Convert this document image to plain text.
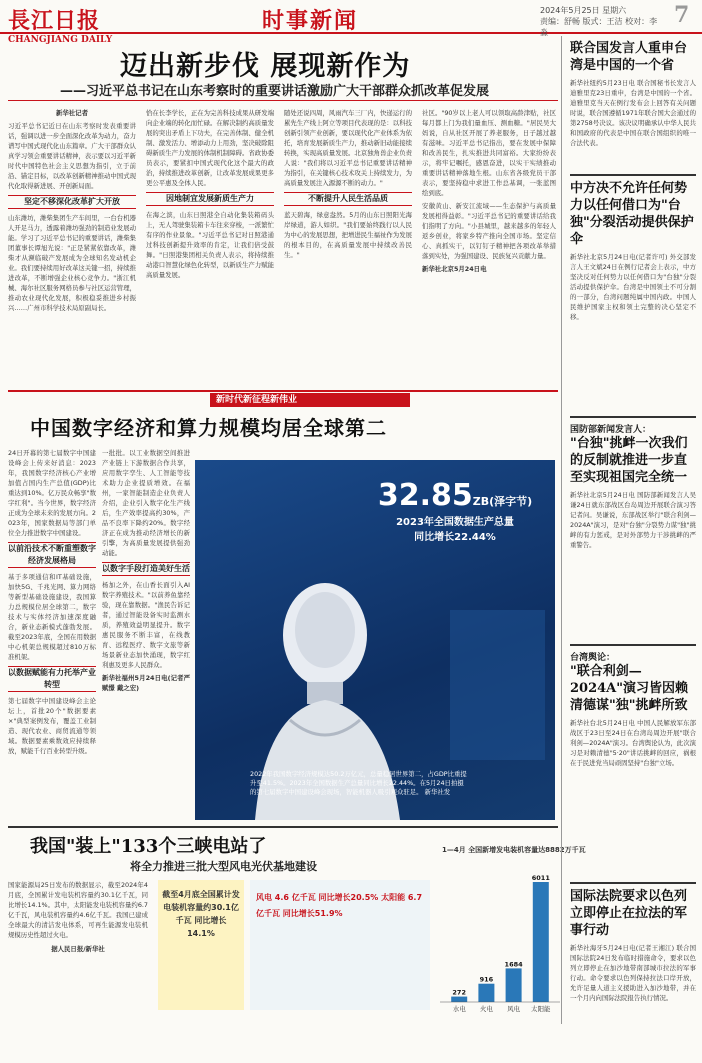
長江日报
CHANGJIANG DAILY
时事新闻	2024年5月25日 星期六
责编：舒畅 版式：王洁 校对：李淼
7
迈出新步伐 展现新作为
——习近平总书记在山东考察时的重要讲话激励广大干部群众抓改革促发展
新华社记者
习近平总书记近日在山东考察时发表重要讲话，强调以进一步全面深化改革为动力，奋力谱写中国式现代化山东篇章。广大干部群众认真学习领会重要讲话精神，表示要以习近平新时代中国特色社会主义思想为指引，立于前沿、锚定目标，以改革创新精神推动中国式现代化取得新进展、开创新局面。
坚定不移深化改革扩大开放
山东潍坊，潍柴集团生产车间里，一台台机器人开足马力，透露着潍坊强劲的制造业发展动能。学习了习近平总书记的重要讲话，潍柴集团董事长谭旭光说："正是紧紧依靠改革，潍柴才从濒临破产发展成为全球知名发动机企业。我们要持续用好改革这关键一招，持续推进改革，不断增强企业核心竞争力。"浙江机械、海尔社区服务网格员参与社区运营管理，推动农业现代化发展，积极稳妥推进乡村振兴……广州市科学技术局原副局长。
恰在长李学长，正在为完善科技成果从研发端向企业端的转化而忙碌。在解决制约高质量发展的突出矛盾上下功夫，在完善体制、健全机制、激发活力、增添动力上用劲，坚决破除阻碍新质生产力发展的体制机制障碍。省政协委员表示，要紧扣中国式现代化这个最大的政治，持续推进改革创新，让改革发展成果更多更公平惠及全体人民。
因地制宜发展新质生产力
在海之滨，山东日照港全自动化集装箱码头上，无人驾驶集装箱卡车往来穿梭，一派繁忙有序的作业景象。"习近平总书记对日照港通过科技创新提升效率的肯定，让我们倍受鼓舞。"日照港集团相关负责人表示，将持续推动港口智慧化绿色化转型，以新质生产力赋能高质量发展。
随处还说四周，风雨汽车三厂内，快递运行的累先生产线上阿立等项目代表现的是：以科技创新引领产业创新，要以现代化产业体系为依托，培育发展新质生产力，推动新旧动能接续转换，实现高质量发展。北京独角兽企业负责人说："我们将以习近平总书记重要讲话精神为指引，在关键核心技术攻关上持续发力，为高质量发展注入源源不断的动力。"
不断提升人民生活品质
蓝天碧海，绿意盎然。5月的山东日照阳光海岸绿道，游人如织。"我们要始终践行以人民为中心的发展思想，把增进民生福祉作为发展的根本目的，在高质量发展中持续改善民生。"
社区。"90岁以上老人可以领取高龄津贴，社区每月都上门为我们量血压、测血糖。"居民吴大妈说，自从社区开展了养老服务，日子越过越有滋味。习近平总书记指出，要在发展中保障和改善民生，扎实推进共同富裕。大家纷纷表示，将牢记嘱托，感恩奋进，以实干实绩推动重要讲话精神落地生根。山东省各级党员干部表示，要坚持稳中求进工作总基调，一张蓝图绘到底。
安徽黄山、新安江流域——生态保护与高质量发展相得益彰。"习近平总书记的重要讲话给我们指明了方向。"小县城里，越来越多的年轻人返乡创业，将家乡特产推向全国市场。坚定信心、真抓实干，以钉钉子精神把各项改革举措落到实处，为强国建设、民族复兴贡献力量。
新华社北京5月24日电
新时代新征程新伟业
中国数字经济和算力规模均居全球第二
24日开幕的第七届数字中国建设峰会上传来好消息：2023年，我国数字经济核心产业增加值占国内生产总值(GDP)比重达到10%。亿万民众畅享"数字红利"。当今世界，数字经济正成为全球未来的发展方向。2023年，国家数据局等部门单位全力推进数字中国建设。
以前沿技术不断重塑数字经济发展格局
基于多项通信和IT基础设施，加快5G、千兆光网、算力网络等新型基础设施建设，我国算力总规模位居全球第二，数字技术与实体经济加速深度融合，新业态新模式蓬勃发展。截至2023年底，全国在用数据中心机架总规模超过810万标准机架。
以数据赋能有力托举产业转型
第七届数字中国建设峰会主论坛上，首批20个"数据要素×"典型案例发布，覆盖工业制造、现代农业、商贸流通等领域。数据要素乘数效应持续释放，赋能千行百业转型升级。
一批批。以工业数据空间推进产业链上下游数据合作共享，应用数字孪生、人工智能等技术助力企业提质增效。在福州，一家智能制造企业负责人介绍，企业引入数字化生产线后，生产效率提高约30%，产品不良率下降约20%。数字经济正在成为推动经济增长的新引擎，为高质量发展提供强劲动能。
以数字手段打造美好生活
杨加之外，在山香长面引入AI数字养殖技术。"以前养鱼靠经验，现在靠数据。"渔民告诉记者，通过智能设备实时监测水质，养殖效益明显提升。数字惠民服务不断丰富，在线教育、远程医疗、数字文旅等新场景新业态加快涌现，数字红利惠及更多人民群众。
新华社福州5月24日电(记者严赋憬 戴之宏)
32.85ZB(泽字节)
2023年全国数据生产总量
同比增长22.44%
2022年我国数字经济规模达50.2万亿元，总量稳居世界第二，占GDP比重提升至41.5%。2023年全国数据生产总量同比增长22.44%。在5月24日拍摄的第七届数字中国建设峰会现场，智能机器人吸引观众驻足。 新华社发
我国"装上"133个三峡电站了
将全力推进三批大型风电光伏基地建设
国家能源局25日发布的数据显示，截至2024年4月底，全国累计发电装机容量约30.1亿千瓦，同比增长14.1%。其中，太阳能发电装机容量约6.7亿千瓦，风电装机容量约4.6亿千瓦。我国已建成全球最大的清洁发电体系，可再生能源发电装机规模历史性超过火电。
据人民日报/新华社
截至4月底全国累计发电装机容量约30.1亿千瓦 同比增长14.1%
风电 4.6 亿千瓦 同比增长20.5% 太阳能 6.7 亿千瓦 同比增长51.9%
1—4月 全国新增发电装机容量达8882万千瓦
272
水电
916
火电
1684
风电
6011
太阳能
联合国发言人重申台湾是中国的一个省
新华社纽约5月23日电 联合国秘书长发言人迪雅里克23日重申，台湾是中国的一个省。迪雅里克当天在例行发布会上回答有关问题时说，联合国遵循1971年联合国大会通过的第2758号决议。该决议明确承认中华人民共和国政府的代表是中国在联合国组织的唯一合法代表。
中方决不允许任何势力以任何借口为"台独"分裂活动提供保护伞
新华社北京5月24日电(记者许可) 外交部发言人王文斌24日在例行记者会上表示，中方坚决反对任何势力以任何借口为"台独"分裂活动提供保护伞。台湾是中国领土不可分割的一部分，台湾问题纯属中国内政。中国人民维护国家主权和领土完整的决心坚定不移。
国防部新闻发言人：
"台独"挑衅一次我们的反制就推进一步直至实现祖国完全统一
新华社北京5月24日电 国防部新闻发言人吴谦24日就东部战区台岛周边开展联合演习答记者问。吴谦说，东部战区举行"联合利剑—2024A"演习，是对"台独"分裂势力谋"独"挑衅的有力惩戒，是对外部势力干涉挑衅的严重警告。
台湾舆论：
"联合利剑—2024A"演习皆因赖清德谋"独"挑衅所致
新华社台北5月24日电 中国人民解放军东部战区于23日至24日在台湾岛周边开展"联合利剑—2024A"演习。台湾舆论认为，此次演习是对赖清德"5·20"讲话挑衅的回应，祸根在于民进党当局顽固坚持"台独"立场。
国际法院要求以色列立即停止在拉法的军事行动
新华社海牙5月24日电(记者王湘江) 联合国国际法院24日发布临时措施命令，要求以色列立即停止在加沙地带南部城市拉法的军事行动。命令要求以色列保持拉法口岸开放，允许足量人道主义援助进入加沙地带，并在一个月内向国际法院报告执行情况。
